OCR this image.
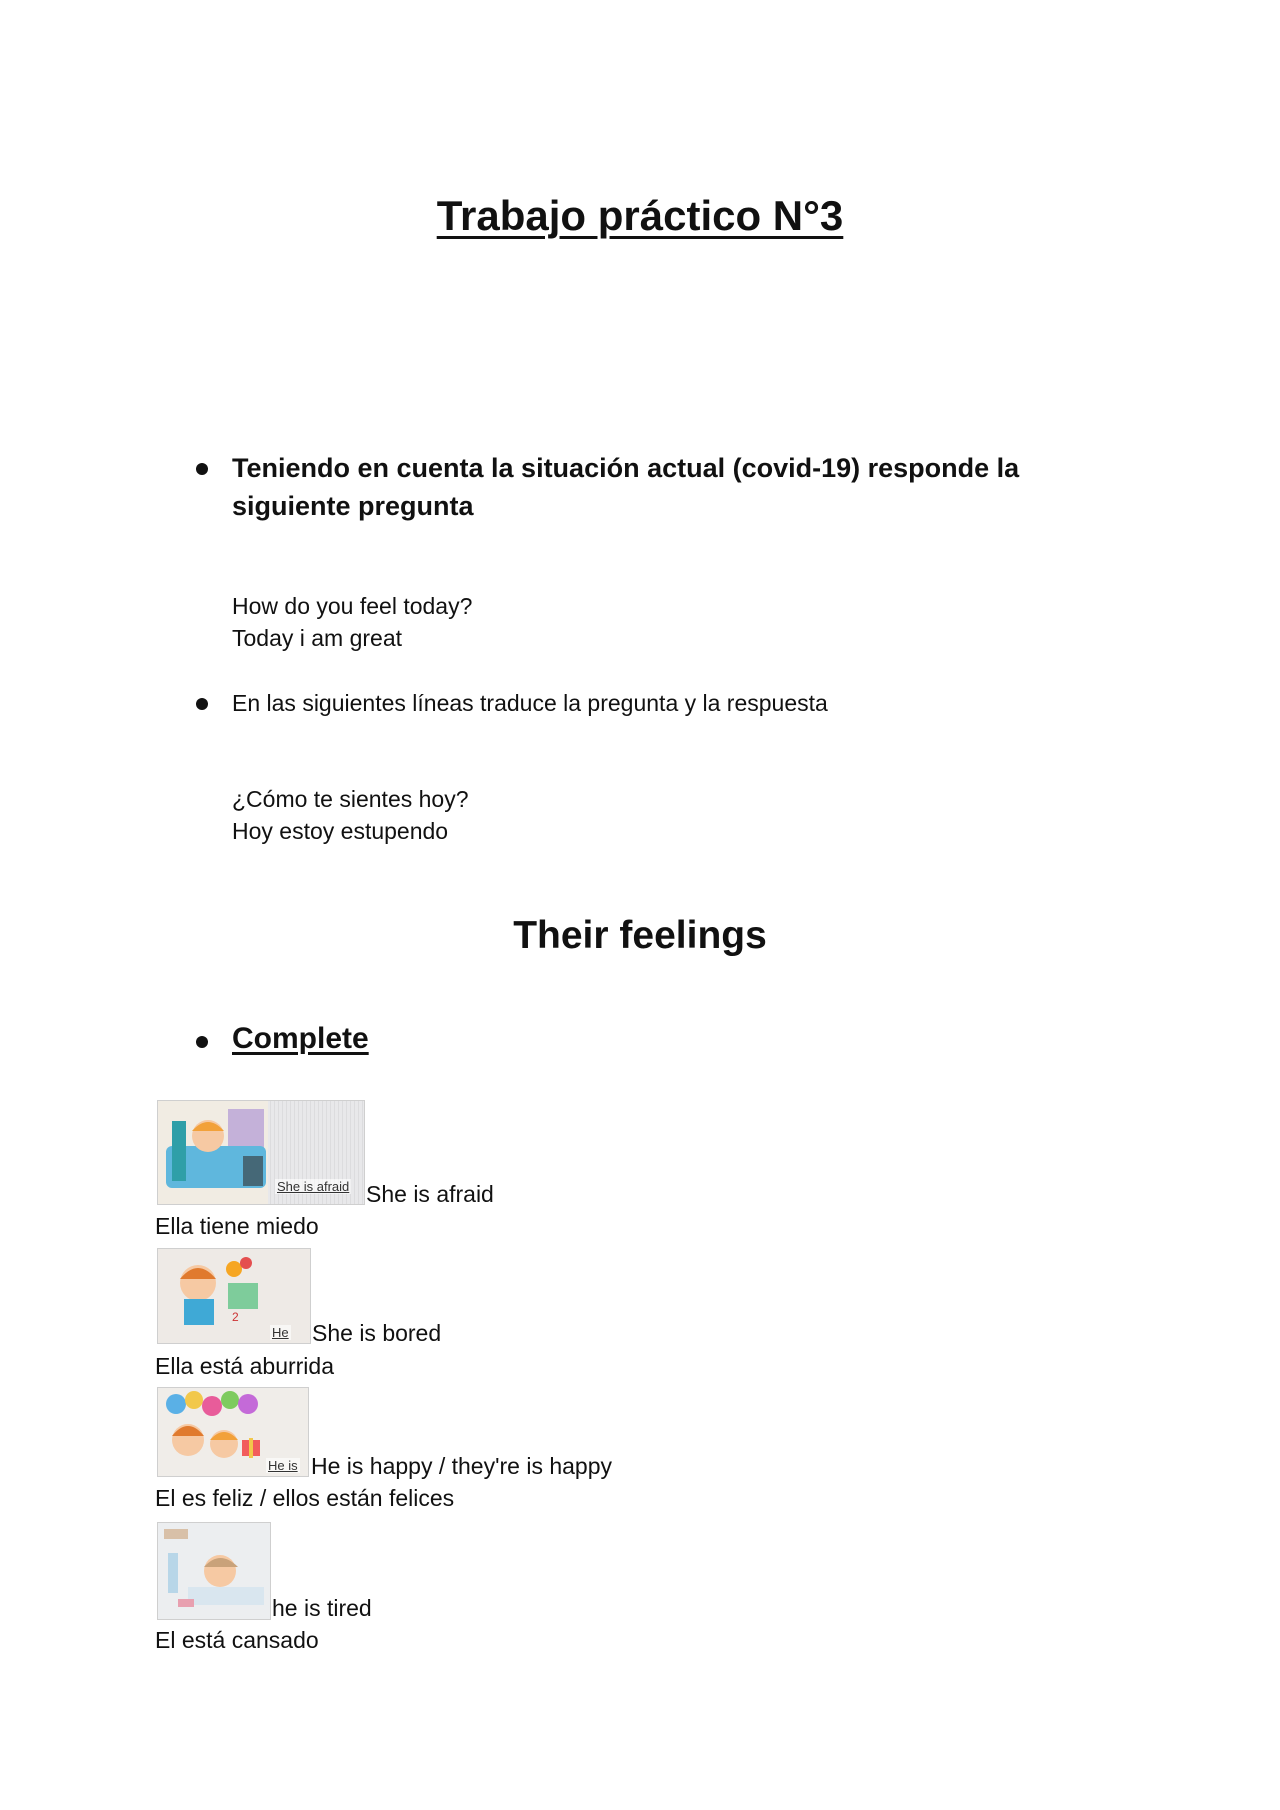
Trabajo práctico N°3
Teniendo en cuenta la situación actual (covid-19) responde la siguiente pregunta
How do you feel today?
Today i am great
En las siguientes líneas traduce la pregunta y la respuesta
¿Cómo te sientes hoy?
Hoy estoy estupendo
Their feelings
Complete
She is afraid She is afraid
Ella tiene miedo
2
He She is bored
Ella está aburrida
He is He is happy / they're is happy
El es feliz / ellos están felices
he is tired
El está cansado
